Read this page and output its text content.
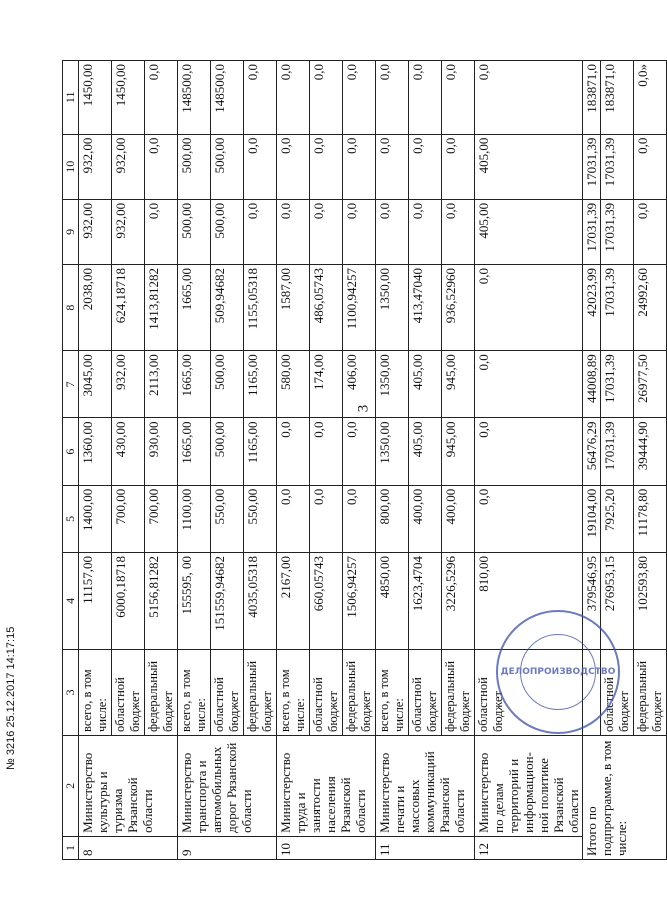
3
1	2	3	4	5	6	7	8	9	10	11
8	Министерство культуры и туризма Рязанской области	всего, в том числе:	11157,00	1400,00	1360,00	3045,00	2038,00	932,00	932,00	1450,00
		областной бюджет	6000,18718	700,00	430,00	932,00	624,18718	932,00	932,00	1450,00
		федеральный бюджет	5156,81282	700,00	930,00	2113,00	1413,81282	0,0	0,0	0,0
9	Министерство транспорта и автомобильных дорог Рязанской области	всего, в том числе:	155595, 00	1100,00	1665,00	1665,00	1665,00	500,00	500,00	148500,0
		областной бюджет	151559,94682	550,00	500,00	500,00	509,94682	500,00	500,00	148500,0
		федеральный бюджет	4035,05318	550,00	1165,00	1165,00	1155,05318	0,0	0,0	0,0
10	Министерство труда и занятости населения Рязанской области	всего, в том числе:	2167,00	0,0	0,0	580,00	1587,00	0,0	0,0	0,0
		областной бюджет	660,05743	0,0	0,0	174,00	486,05743	0,0	0,0	0,0
		федеральный бюджет	1506,94257	0,0	0,0	406,00	1100,94257	0,0	0,0	0,0
11	Министерство печати и массовых коммуникаций Рязанской области	всего, в том числе:	4850,00	800,00	1350,00	1350,00	1350,00	0,0	0,0	0,0
		областной бюджет	1623,4704	400,00	405,00	405,00	413,47040	0,0	0,0	0,0
		федеральный бюджет	3226,5296	400,00	945,00	945,00	936,52960	0,0	0,0	0,0
12	Министерство по делам территорий и информацион-ной политике Рязанской области	областной бюджет	810,00	0,0	0,0	0,0	0,0	405,00	405,00	0,0
Итого по подпрограмме, в том числе:			379546,95	19104,00	56476,29	44008,89	42023,99	17031,39	17031,39	183871,0
		областной бюджет	276953,15	7925,20	17031,39	17031,39	17031,39	17031,39	17031,39	183871,0
		федеральный бюджет	102593,80	11178,80	39444,90	26977,50	24992,60	0,0	0,0	0,0»
ДЕЛОПРОИЗВОДСТВО
№ 3216 25.12.2017 14:17:15
